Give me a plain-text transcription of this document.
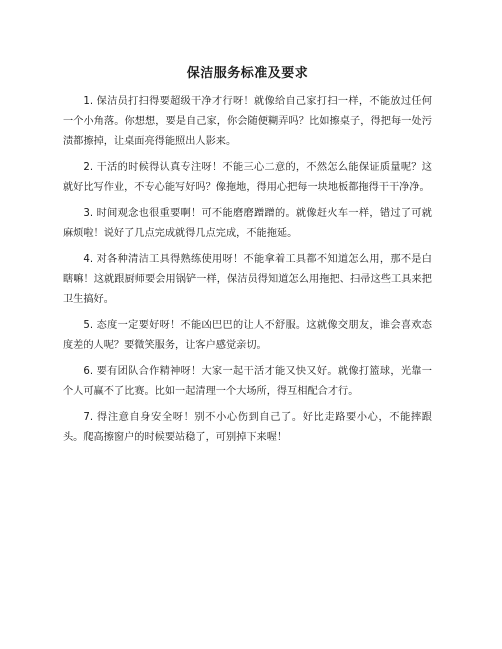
保洁服务标准及要求

1. 保洁员打扫得要超级干净才行呀！就像给自己家打扫一样，不能放过任何一个小角落。你想想，要是自己家，你会随便糊弄吗？比如擦桌子，得把每一处污渍都擦掉，让桌面亮得能照出人影来。

2. 干活的时候得认真专注呀！不能三心二意的，不然怎么能保证质量呢？这就好比写作业，不专心能写好吗？像拖地，得用心把每一块地板都拖得干干净净。

3. 时间观念也很重要啊！可不能磨磨蹭蹭的。就像赶火车一样，错过了可就麻烦啦！说好了几点完成就得几点完成，不能拖延。

4. 对各种清洁工具得熟练使用呀！不能拿着工具都不知道怎么用，那不是白瞎嘛！这就跟厨师要会用锅铲一样，保洁员得知道怎么用拖把、扫帚这些工具来把卫生搞好。

5. 态度一定要好呀！不能凶巴巴的让人不舒服。这就像交朋友，谁会喜欢态度差的人呢？要微笑服务，让客户感觉亲切。

6. 要有团队合作精神呀！大家一起干活才能又快又好。就像打篮球，光靠一个人可赢不了比赛。比如一起清理一个大场所，得互相配合才行。

7. 得注意自身安全呀！别不小心伤到自己了。好比走路要小心，不能摔跟头。爬高擦窗户的时候要站稳了，可别掉下来喔！
